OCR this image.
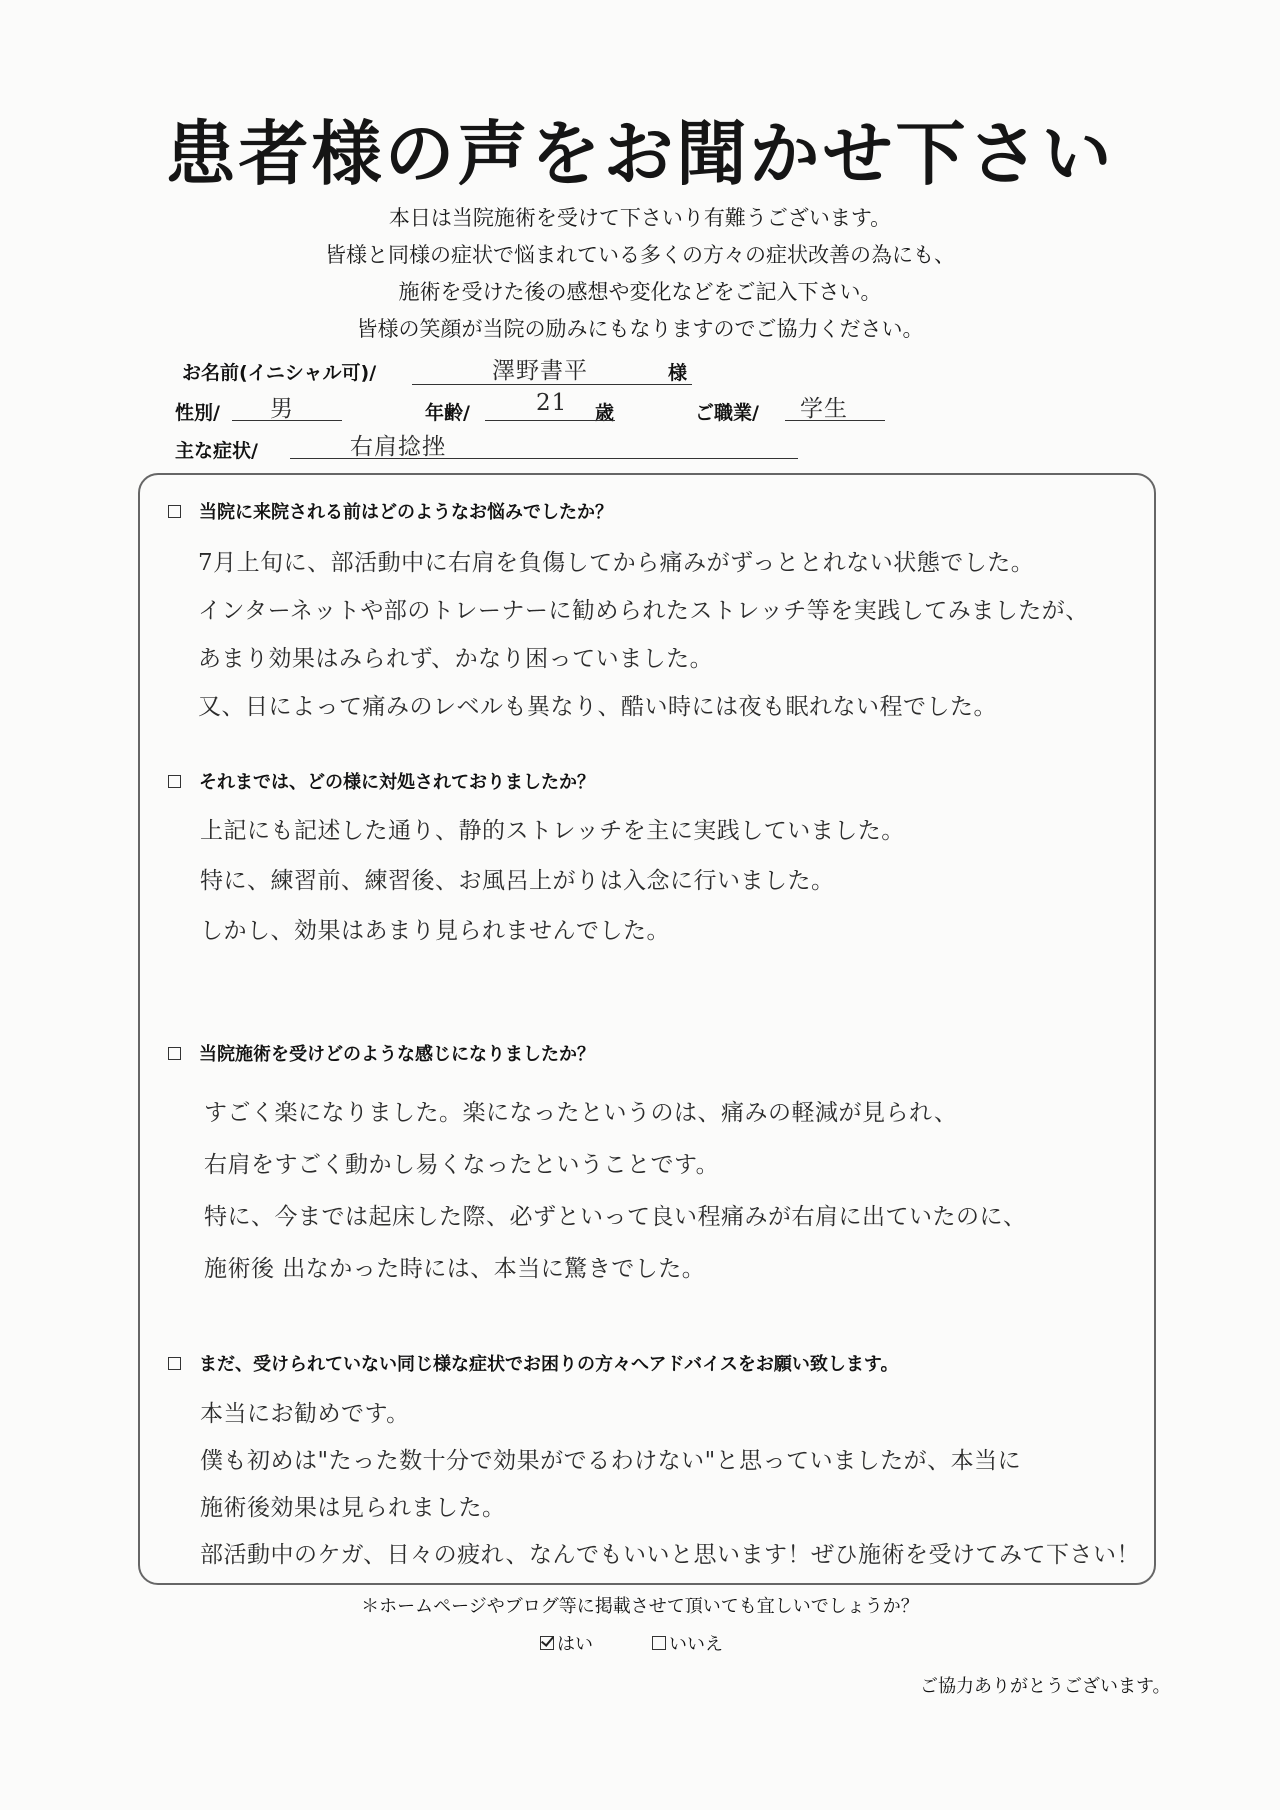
患者様の声をお聞かせ下さい
本日は当院施術を受けて下さいり有難うございます。
皆様と同様の症状で悩まれている多くの方々の症状改善の為にも、
施術を受けた後の感想や変化などをご記入下さい。
皆様の笑顔が当院の励みにもなりますのでご協力ください。
お名前(イニシャル可)/	澤野書平	様
性別/ 男	年齢/	21 歳	ご職業/ 学生
主な症状/	右肩捻挫
当院に来院される前はどのようなお悩みでしたか？
7月上旬に、部活動中に右肩を負傷してから痛みがずっととれない状態でした。
インターネットや部のトレーナーに勧められたストレッチ等を実践してみましたが、
あまり効果はみられず、かなり困っていました。
又、日によって痛みのレベルも異なり、酷い時には夜も眠れない程でした。
それまでは、どの様に対処されておりましたか？
上記にも記述した通り、静的ストレッチを主に実践していました。
特に、練習前、練習後、お風呂上がりは入念に行いました。
しかし、効果はあまり見られませんでした。
当院施術を受けどのような感じになりましたか？
すごく楽になりました。楽になったというのは、痛みの軽減が見られ、
右肩をすごく動かし易くなったということです。
特に、今までは起床した際、必ずといって良い程痛みが右肩に出ていたのに、
施術後 出なかった時には、本当に驚きでした。
まだ、受けられていない同じ様な症状でお困りの方々へアドバイスをお願い致します。
本当にお勧めです。
僕も初めは"たった数十分で効果がでるわけない"と思っていましたが、本当に
施術後効果は見られました。
部活動中のケガ、日々の疲れ、なんでもいいと思います！ぜひ施術を受けてみて下さい！
＊ホームページやブログ等に掲載させて頂いても宜しいでしょうか？
はい	いいえ
ご協力ありがとうございます。
